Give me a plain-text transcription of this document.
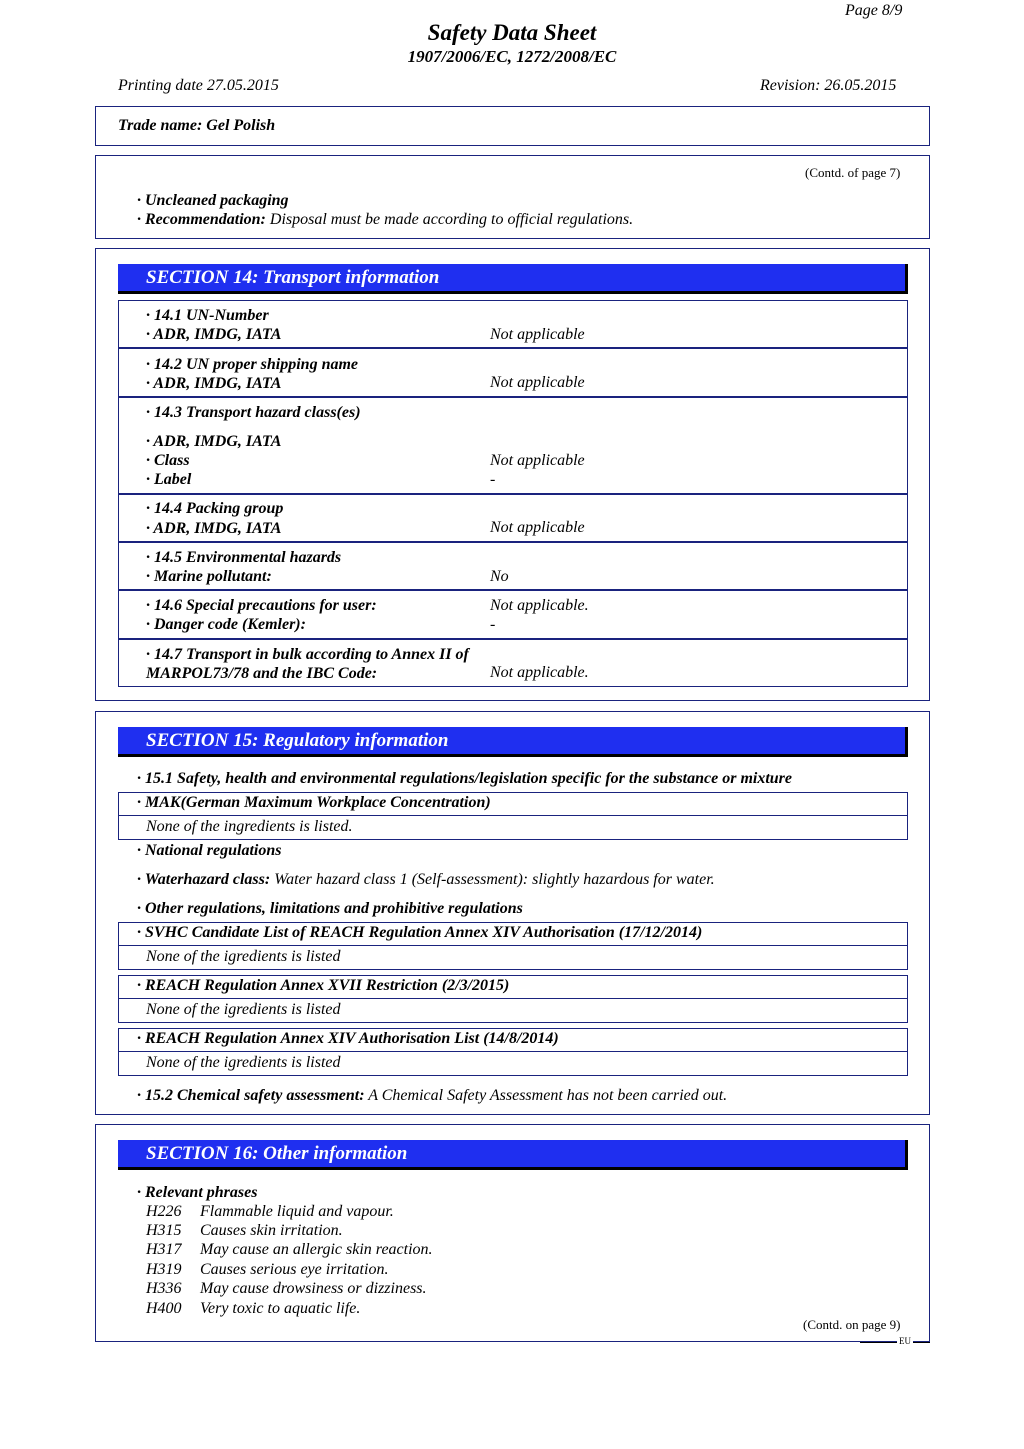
Page 8/9
Safety Data Sheet
1907/2006/EC, 1272/2008/EC
Printing date 27.05.2015	Revision: 26.05.2015
Trade name: Gel Polish
(Contd. of page 7)
· Uncleaned packaging
· Recommendation: Disposal must be made according to official regulations.
SECTION 14: Transport information
· 14.1 UN-Number
· ADR, IMDG, IATA	Not applicable
· 14.2 UN proper shipping name
· ADR, IMDG, IATA	Not applicable
· 14.3 Transport hazard class(es)
· ADR, IMDG, IATA
· Class	Not applicable
· Label	-
· 14.4 Packing group
· ADR, IMDG, IATA	Not applicable
· 14.5 Environmental hazards
· Marine pollutant:	No
· 14.6 Special precautions for user:	Not applicable.
· Danger code (Kemler):	-
· 14.7 Transport in bulk according to Annex II of
MARPOL73/78 and the IBC Code:	Not applicable.
SECTION 15: Regulatory information
· 15.1 Safety, health and environmental regulations/legislation specific for the substance or mixture
· MAK(German Maximum Workplace Concentration)
None of the ingredients is listed.
· National regulations
· Waterhazard class: Water hazard class 1 (Self-assessment): slightly hazardous for water.
· Other regulations, limitations and prohibitive regulations
· SVHC Candidate List of REACH Regulation Annex XIV Authorisation (17/12/2014)
None of the igredients is listed
· REACH Regulation Annex XVII Restriction (2/3/2015)
None of the igredients is listed
· REACH Regulation Annex XIV Authorisation List (14/8/2014)
None of the igredients is listed
· 15.2 Chemical safety assessment: A Chemical Safety Assessment has not been carried out.
SECTION 16: Other information
· Relevant phrases
H226 Flammable liquid and vapour.
H315 Causes skin irritation.
H317 May cause an allergic skin reaction.
H319 Causes serious eye irritation.
H336 May cause drowsiness or dizziness.
H400 Very toxic to aquatic life.
(Contd. on page 9)
EU
